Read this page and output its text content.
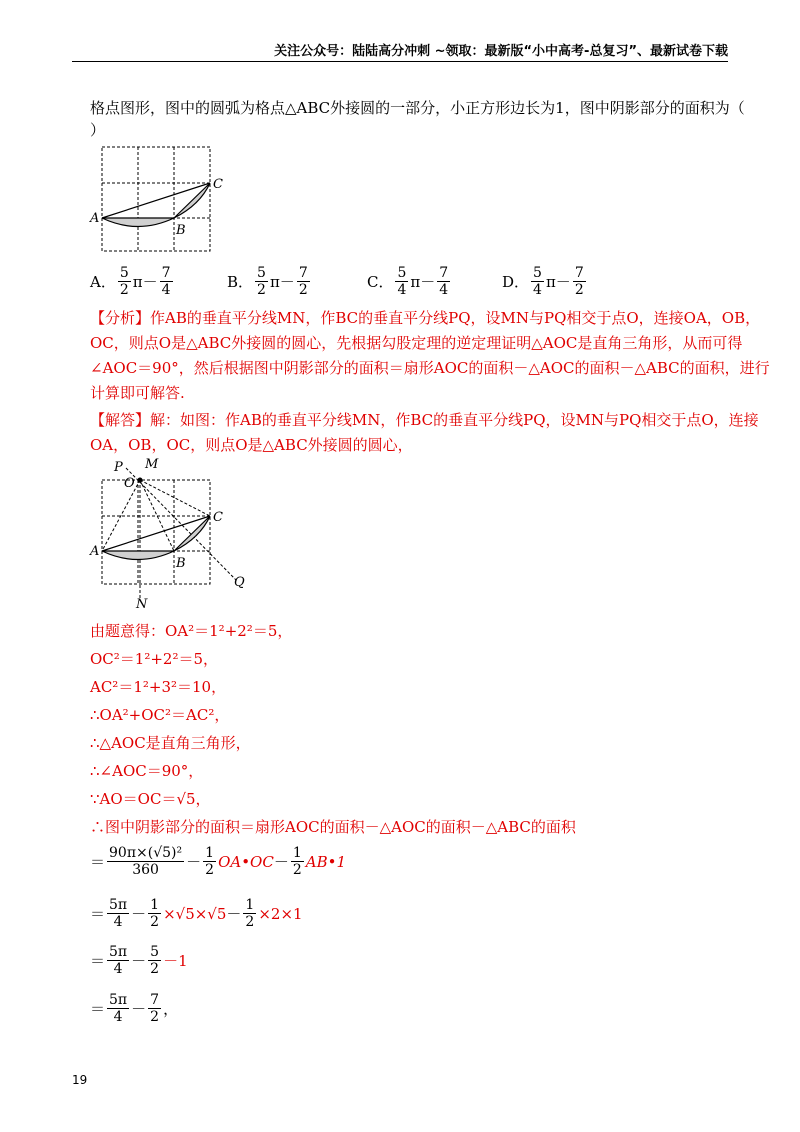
关注公众号：陆陆高分冲刺 ~领取：最新版“小中高考-总复习”、最新试卷下载
格点图形，图中的圆弧为格点△ABC外接圆的一部分，小正方形边长为1，图中阴影部分的面积为（
）
A
B
C
A． $\frac{5}{2} \pi- \frac{7}{4}$	B． $\frac{5}{2} \pi- \frac{7}{2}$	C． $\frac{5}{4} \pi- \frac{7}{4}$	D． $\frac{5}{4} \pi- \frac{7}{2}$
【分析】作AB的垂直平分线MN，作BC的垂直平分线PQ，设MN与PQ相交于点O，连接OA，OB，
OC，则点O是△ABC外接圆的圆心，先根据勾股定理的逆定理证明△AOC是直角三角形，从而可得
∠AOC＝90°，然后根据图中阴影部分的面积＝扇形AOC的面积－△AOC的面积－△ABC的面积，进行
计算即可解答.
【解答】解：如图：作AB的垂直平分线MN，作BC的垂直平分线PQ，设MN与PQ相交于点O，连接
OA，OB，OC，则点O是△ABC外接圆的圆心，
P M
O
A
B
C
Q
N
由题意得：OA²＝1²+2²＝5，
OC²＝1²+2²＝5，
AC²＝1²+3²＝10，
∴OA²+OC²＝AC²，
∴△AOC是直角三角形，
∴∠AOC＝90°，
∵AO＝OC＝√5，
∴图中阴影部分的面积＝扇形AOC的面积－△AOC的面积－△ABC的面积
＝ $\frac{\text{90π×(√5)²}}{360} - \frac{1}{2}$ OA•OC － $\frac{1}{2}$ AB•1
＝ $\frac{5\pi}{4} - \frac{1}{2} \times√5\times√5 - \frac{1}{2} \times 2\times 1$
＝ $\frac{5\pi}{4} - \frac{5}{2} - 1$
＝ $\frac{5\pi}{4} - \frac{7}{2}$ ，
19
